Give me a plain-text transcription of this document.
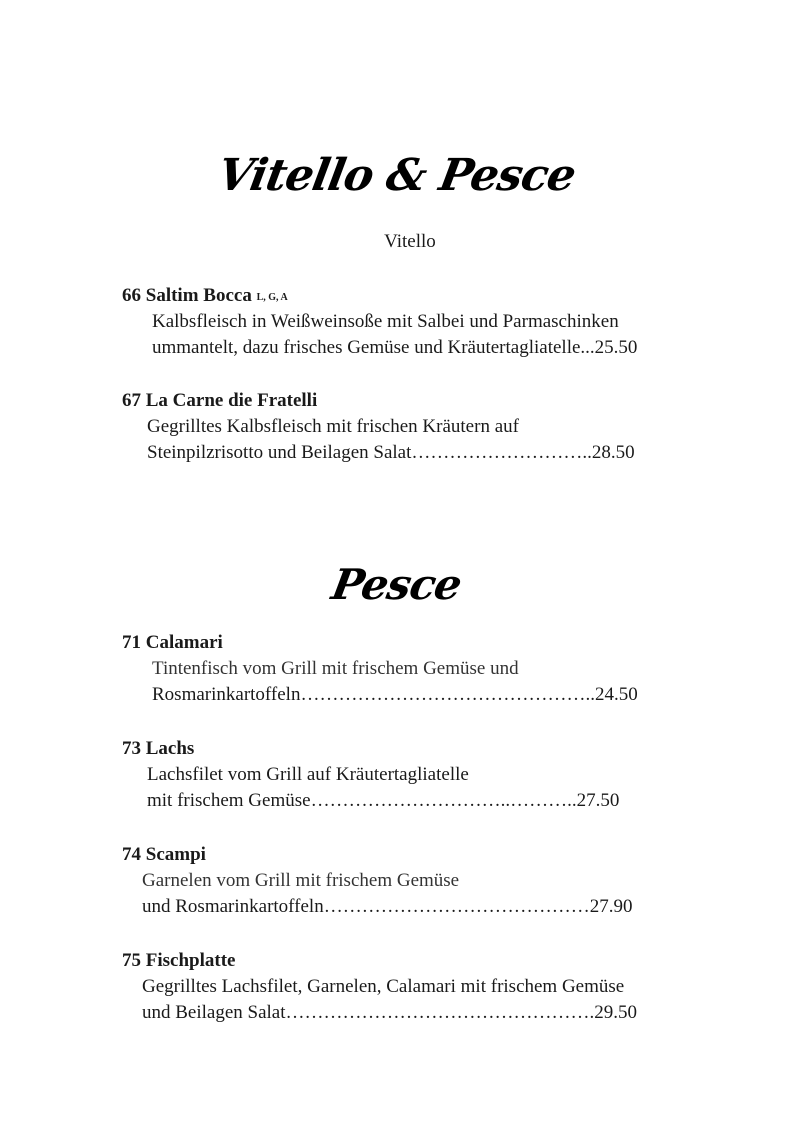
Vitello & Pesce
Vitello
66 Saltim Bocca L, G, A
Kalbsfleisch in Weißweinsoße mit Salbei und Parmaschinken
ummantelt, dazu frisches Gemüse und Kräutertagliatelle...25.50
67 La Carne die Fratelli
Gegrilltes Kalbsfleisch mit frischen Kräutern auf
Steinpilzrisotto und Beilagen Salat………………………..28.50
Pesce
71 Calamari
Tintenfisch vom Grill mit frischem Gemüse und
Rosmarinkartoffeln………………………………………..24.50
73 Lachs
Lachsfilet vom Grill auf Kräutertagliatelle
mit frischem Gemüse…………………………..………..27.50
74 Scampi
Garnelen vom Grill mit frischem Gemüse
und Rosmarinkartoffeln……………………………………27.90
75 Fischplatte
Gegrilltes Lachsfilet, Garnelen, Calamari mit frischem Gemüse
und Beilagen Salat………………………………………….29.50
